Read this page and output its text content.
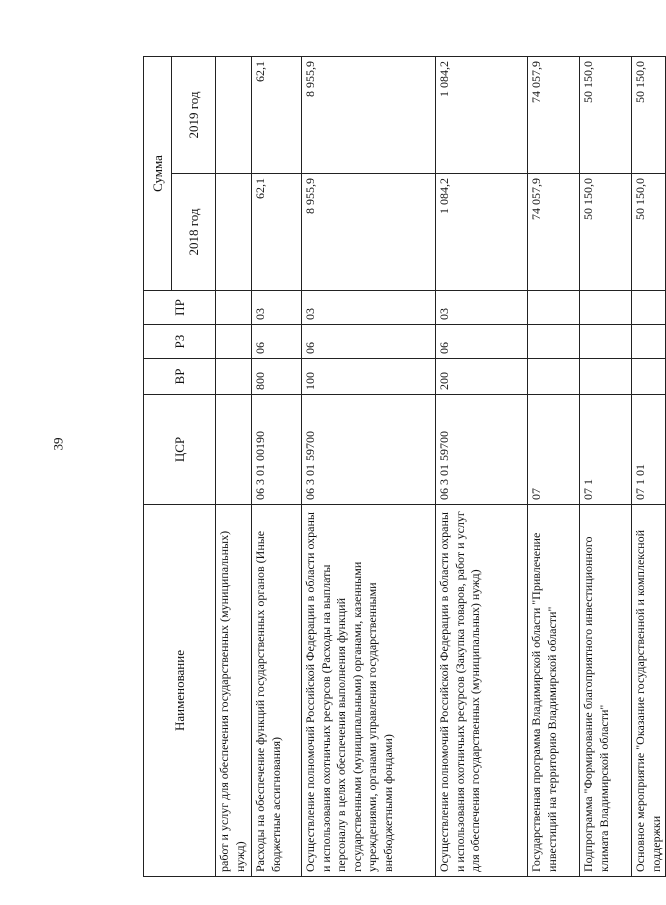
39
Наименование	ЦСР	ВР	РЗ	ПР	Сумма	
					2018 год	2019 год
работ и услуг для обеспечения государственных (муниципальных) нужд)						
Расходы на обеспечение функций государственных органов (Иные бюджетные ассигнования)	06 3 01 00190	800	06	03	62,1	62,1
Осуществление полномочий Российской Федерации в области охраны и использования охотничьих ресурсов (Расходы на выплаты персоналу в целях обеспечения выполнения функций государственными (муниципальными) органами, казенными учреждениями, органами управления государственными внебюджетными фондами)	06 3 01 59700	100	06	03	8 955,9	8 955,9
Осуществление полномочий Российской Федерации в области охраны и использования охотничьих ресурсов (Закупка товаров, работ и услуг для обеспечения государственных (муниципальных) нужд)	06 3 01 59700	200	06	03	1 084,2	1 084,2
Государственная программа Владимирской области "Привлечение инвестиций на территорию Владимирской области"	07				74 057,9	74 057,9
Подпрограмма "Формирование благоприятного инвестиционного климата Владимирской области"	07 1				50 150,0	50 150,0
Основное мероприятие "Оказание государственной и комплексной поддержки	07 1 01				50 150,0	50 150,0
